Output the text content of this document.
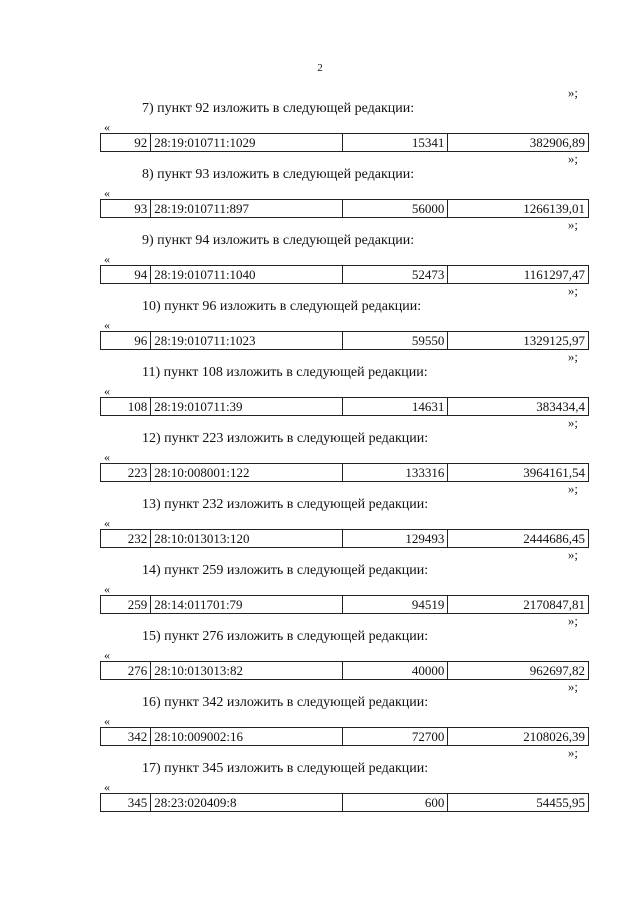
2
»;
7) пункт 92 изложить в следующей редакции:
«
92	28:19:010711:1029	15341	382906,89
»;
8) пункт 93 изложить в следующей редакции:
«
93	28:19:010711:897	56000	1266139,01
»;
9) пункт 94 изложить в следующей редакции:
«
94	28:19:010711:1040	52473	1161297,47
»;
10) пункт 96 изложить в следующей редакции:
«
96	28:19:010711:1023	59550	1329125,97
»;
11) пункт 108 изложить в следующей редакции:
«
108	28:19:010711:39	14631	383434,4
»;
12) пункт 223 изложить в следующей редакции:
«
223	28:10:008001:122	133316	3964161,54
»;
13) пункт 232 изложить в следующей редакции:
«
232	28:10:013013:120	129493	2444686,45
»;
14) пункт 259 изложить в следующей редакции:
«
259	28:14:011701:79	94519	2170847,81
»;
15) пункт 276 изложить в следующей редакции:
«
276	28:10:013013:82	40000	962697,82
»;
16) пункт 342 изложить в следующей редакции:
«
342	28:10:009002:16	72700	2108026,39
»;
17) пункт 345 изложить в следующей редакции:
«
345	28:23:020409:8	600	54455,95
